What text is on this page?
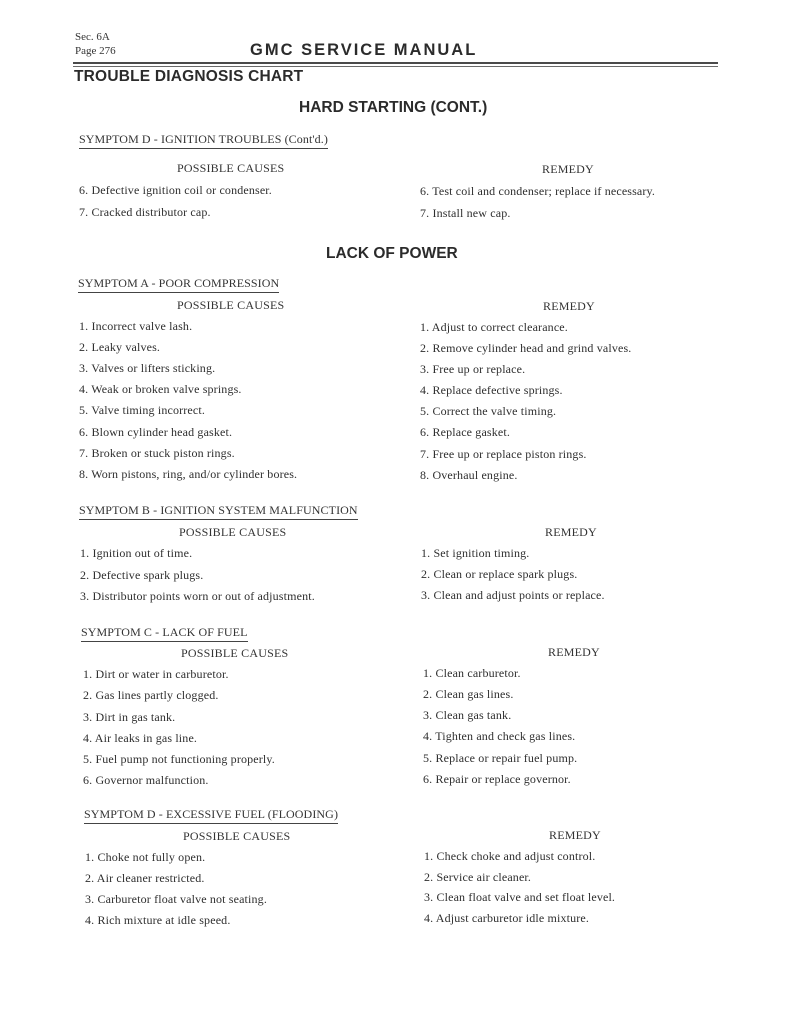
Sec. 6A
Page 276	GMC SERVICE MANUAL
TROUBLE DIAGNOSIS CHART
HARD STARTING (CONT.)
SYMPTOM D - IGNITION TROUBLES (Cont'd.)
POSSIBLE CAUSES	REMEDY
6. Defective ignition coil or condenser.	6. Test coil and condenser; replace if necessary.
7. Cracked distributor cap.	7. Install new cap.
LACK OF POWER
SYMPTOM A - POOR COMPRESSION
POSSIBLE CAUSES	REMEDY
1. Incorrect valve lash.	1. Adjust to correct clearance.
2. Leaky valves.	2. Remove cylinder head and grind valves.
3. Valves or lifters sticking.	3. Free up or replace.
4. Weak or broken valve springs.	4. Replace defective springs.
5. Valve timing incorrect.	5. Correct the valve timing.
6. Blown cylinder head gasket.	6. Replace gasket.
7. Broken or stuck piston rings.	7. Free up or replace piston rings.
8. Worn pistons, ring, and/or cylinder bores.	8. Overhaul engine.
SYMPTOM B - IGNITION SYSTEM MALFUNCTION
POSSIBLE CAUSES	REMEDY
1. Ignition out of time.	1. Set ignition timing.
2. Defective spark plugs.	2. Clean or replace spark plugs.
3. Distributor points worn or out of adjustment.	3. Clean and adjust points or replace.
SYMPTOM C - LACK OF FUEL
POSSIBLE CAUSES	REMEDY
1. Dirt or water in carburetor.	1. Clean carburetor.
2. Gas lines partly clogged.	2. Clean gas lines.
3. Dirt in gas tank.	3. Clean gas tank.
4. Air leaks in gas line.	4. Tighten and check gas lines.
5. Fuel pump not functioning properly.	5. Replace or repair fuel pump.
6. Governor malfunction.	6. Repair or replace governor.
SYMPTOM D - EXCESSIVE FUEL (FLOODING)
POSSIBLE CAUSES	REMEDY
1. Choke not fully open.	1. Check choke and adjust control.
2. Air cleaner restricted.	2. Service air cleaner.
3. Carburetor float valve not seating.	3. Clean float valve and set float level.
4. Rich mixture at idle speed.	4. Adjust carburetor idle mixture.
